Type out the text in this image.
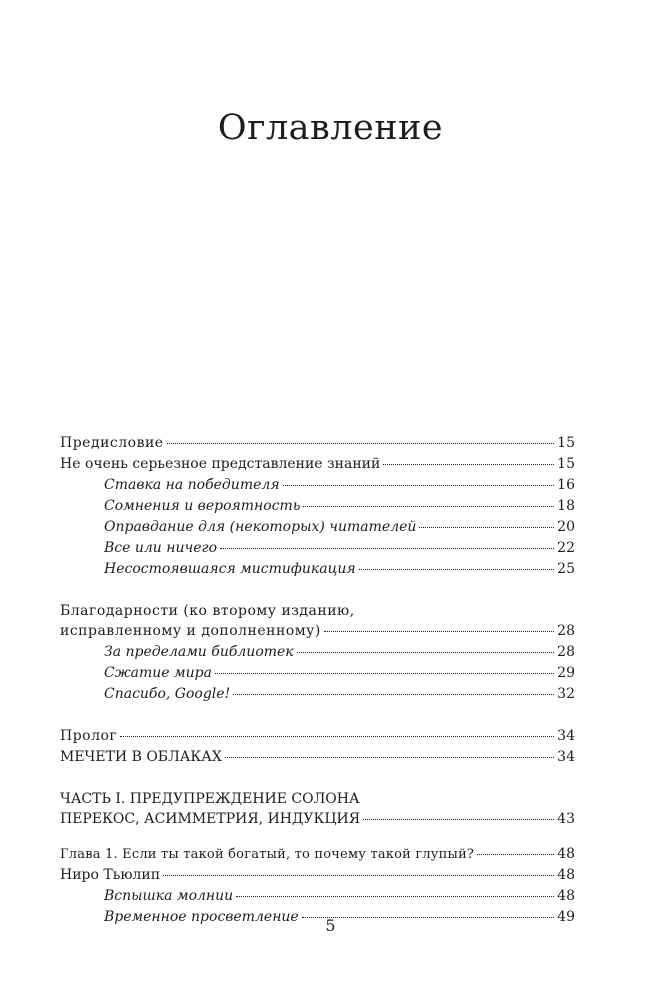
Оглавление
Предисловие	15
Не очень серьезное представление знаний	15
Ставка на победителя	16
Сомнения и вероятность	18
Оправдание для (некоторых) читателей	20
Все или ничего	22
Несостоявшаяся мистификация	25
Благодарности (ко второму изданию,
исправленному и дополненному)	28
За пределами библиотек	28
Сжатие мира	29
Спасибо, Google!	32
Пролог	34
МЕЧЕТИ В ОБЛАКАХ	34
ЧАСТЬ I. ПРЕДУПРЕЖДЕНИЕ СОЛОНА
ПЕРЕКОС, АСИММЕТРИЯ, ИНДУКЦИЯ	43
Глава 1. Если ты такой богатый, то почему такой глупый?	48
Ниро Тьюлип	48
Вспышка молнии	48
Временное просветление	49
5
